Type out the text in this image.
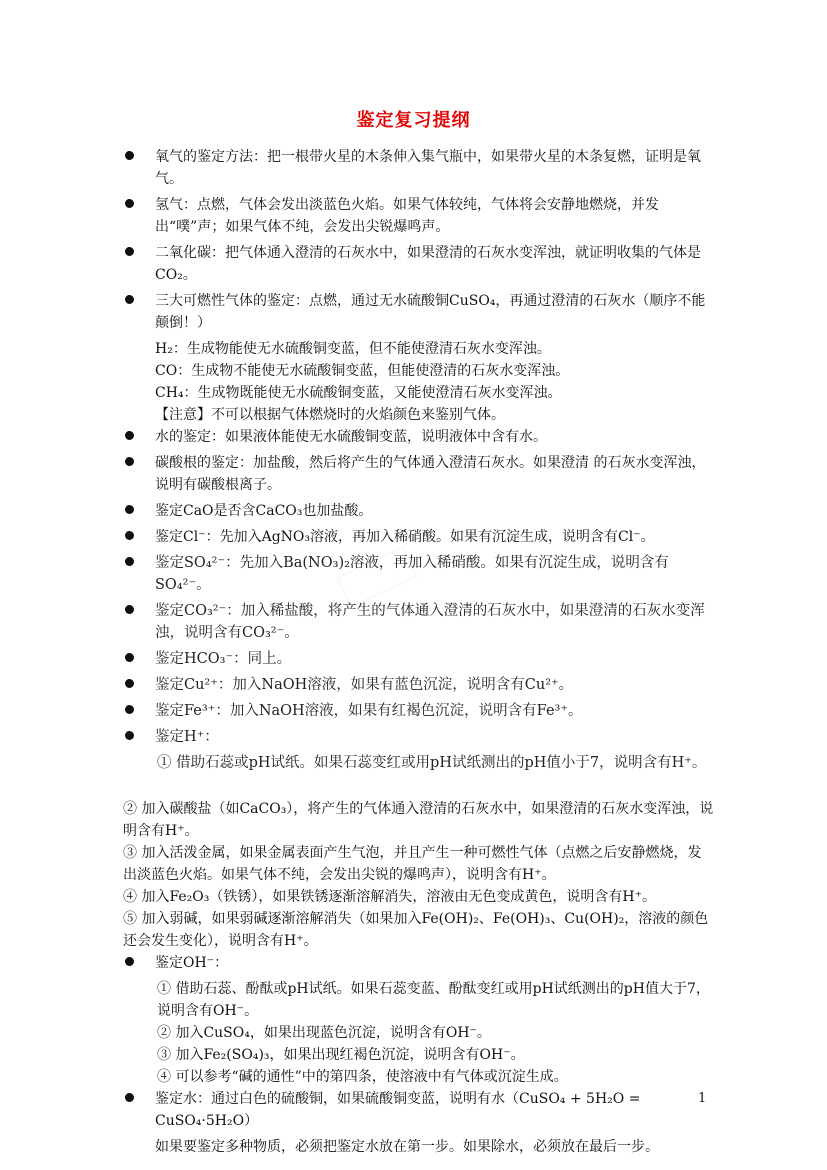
鉴定复习提纲
氧气的鉴定方法：把一根带火星的木条伸入集气瓶中，如果带火星的木条复燃，证明是氧气。
氢气：点燃，气体会发出淡蓝色火焰。如果气体较纯，气体将会安静地燃烧，并发出“噗”声；如果气体不纯，会发出尖锐爆鸣声。
二氧化碳：把气体通入澄清的石灰水中，如果澄清的石灰水变浑浊，就证明收集的气体是CO₂。
三大可燃性气体的鉴定：点燃，通过无水硫酸铜CuSO₄，再通过澄清的石灰水（顺序不能颠倒！）

H₂：生成物能使无水硫酸铜变蓝，但不能使澄清石灰水变浑浊。

CO：生成物不能使无水硫酸铜变蓝，但能使澄清的石灰水变浑浊。

CH₄：生成物既能使无水硫酸铜变蓝，又能使澄清石灰水变浑浊。

【注意】不可以根据气体燃烧时的火焰颜色来鉴别气体。

水的鉴定：如果液体能使无水硫酸铜变蓝，说明液体中含有水。
碳酸根的鉴定：加盐酸，然后将产生的气体通入澄清石灰水。如果澄清 的石灰水变浑浊，说明有碳酸根离子。
鉴定CaO是否含CaCO₃也加盐酸。
鉴定Cl⁻：先加入AgNO₃溶液，再加入稀硝酸。如果有沉淀生成，说明含有Cl⁻。
鉴定SO₄²⁻：先加入Ba(NO₃)₂溶液，再加入稀硝酸。如果有沉淀生成，说明含有SO₄²⁻。
鉴定CO₃²⁻：加入稀盐酸，将产生的气体通入澄清的石灰水中，如果澄清的石灰水变浑浊，说明含有CO₃²⁻。
鉴定HCO₃⁻：同上。
鉴定Cu²⁺：加入NaOH溶液，如果有蓝色沉淀，说明含有Cu²⁺。
鉴定Fe³⁺：加入NaOH溶液，如果有红褐色沉淀，说明含有Fe³⁺。
鉴定H⁺：

① 借助石蕊或pH试纸。如果石蕊变红或用pH试纸测出的pH值小于7，说明含有H⁺。

② 加入碳酸盐（如CaCO₃），将产生的气体通入澄清的石灰水中，如果澄清的石灰水变浑浊，说明含有H⁺。

③ 加入活泼金属，如果金属表面产生气泡，并且产生一种可燃性气体（点燃之后安静燃烧，发出淡蓝色火焰。如果气体不纯，会发出尖锐的爆鸣声），说明含有H⁺。

④ 加入Fe₂O₃（铁锈），如果铁锈逐渐溶解消失，溶液由无色变成黄色，说明含有H⁺。

⑤ 加入弱碱，如果弱碱逐渐溶解消失（如果加入Fe(OH)₂、Fe(OH)₃、Cu(OH)₂，溶液的颜色还会发生变化），说明含有H⁺。

鉴定OH⁻：

① 借助石蕊、酚酞或pH试纸。如果石蕊变蓝、酚酞变红或用pH试纸测出的pH值大于7，说明含有OH⁻。

② 加入CuSO₄，如果出现蓝色沉淀，说明含有OH⁻。

③ 加入Fe₂(SO₄)₃，如果出现红褐色沉淀，说明含有OH⁻。

④ 可以参考“碱的通性”中的第四条，使溶液中有气体或沉淀生成。

鉴定水：通过白色的硫酸铜，如果硫酸铜变蓝，说明有水（CuSO₄ + 5H₂O = CuSO₄·5H₂O）

如果要鉴定多种物质，必须把鉴定水放在第一步。如果除水，必须放在最后一步。

1
